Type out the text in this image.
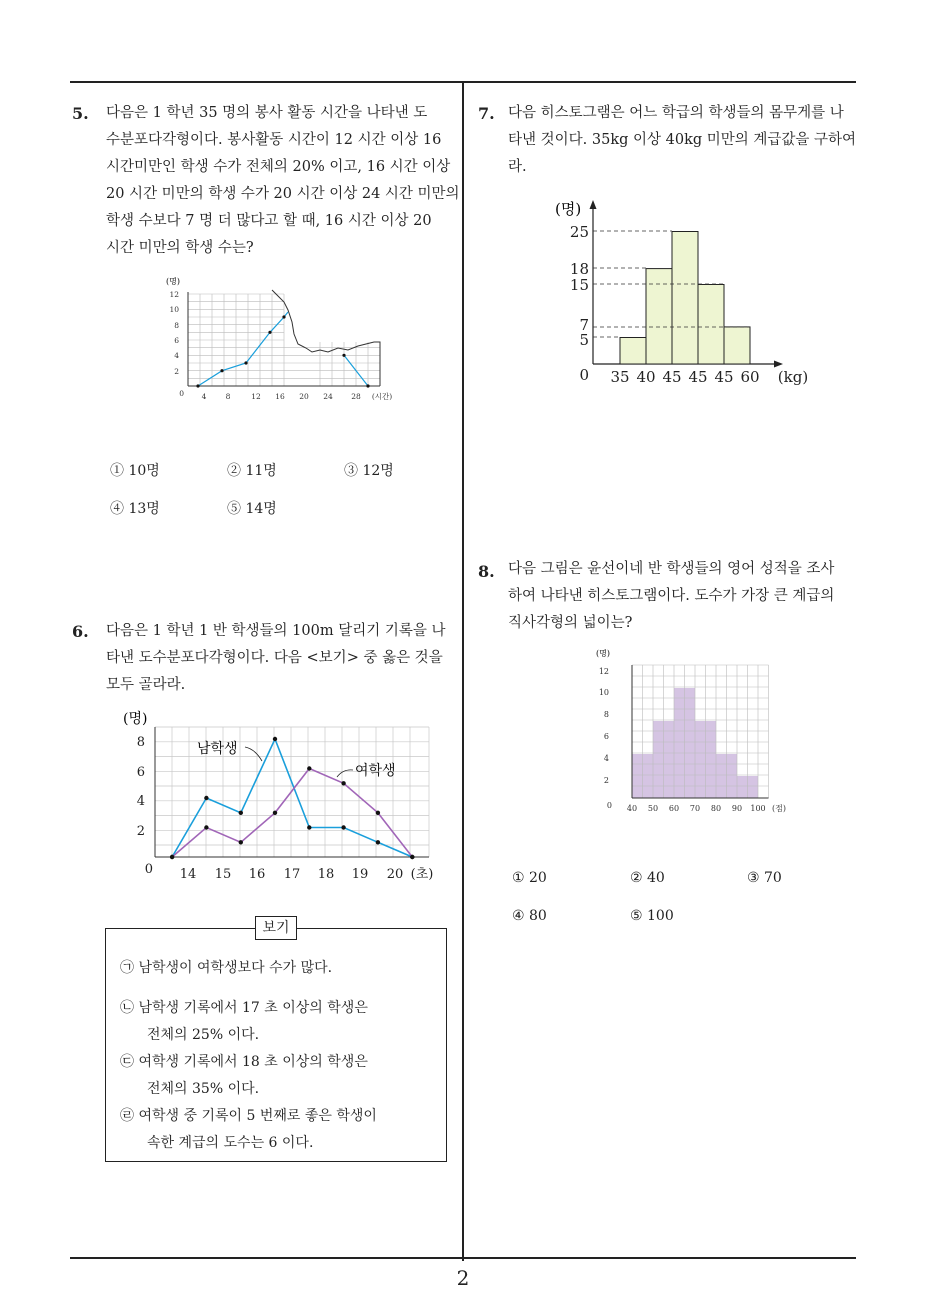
5. 다음은 1 학년 35 명의 봉사 활동 시간을 나타낸 도
수분포다각형이다. 봉사활동 시간이 12 시간 이상 16
시간미만인 학생 수가 전체의 20% 이고, 16 시간 이상
20 시간 미만의 학생 수가 20 시간 이상 24 시간 미만의
학생 수보다 7 명 더 많다고 할 때, 16 시간 이상 20
시간 미만의 학생 수는?
(명)
12
10
8
6
4
2
0 4	8	12 16 20 24 28 (시간)
① 10명	② 11명	③ 12명
④ 13명	⑤ 14명
6. 다음은 1 학년 1 반 학생들의 100m 달리기 기록을 나
타낸 도수분포다각형이다. 다음 <보기> 중 옳은 것을
모두 골라라.
(명)
8
6
4
2
0 14 15 16 17 18 19 20 (초)
남학생
여학생
보기
㉠ 남학생이 여학생보다 수가 많다.
㉡ 남학생 기록에서 17 초 이상의 학생은
전체의 25% 이다.
㉢ 여학생 기록에서 18 초 이상의 학생은
전체의 35% 이다.
㉣ 여학생 중 기록이 5 번째로 좋은 학생이
속한 계급의 도수는 6 이다.
7. 다음 히스토그램은 어느 학급의 학생들의 몸무게를 나
타낸 것이다. 35kg 이상 40kg 미만의 계급값을 구하여
라.
(명)
25
18
15
7
5
0 35 40 45 45 45 60 (kg)
8. 다음 그림은 윤선이네 반 학생들의 영어 성적을 조사
하여 나타낸 히스토그램이다. 도수가 가장 큰 계급의
직사각형의 넓이는?
(명)
12
10
8
6
4
2
0 40 50 60 70 80 90 100 (점)
① 20	② 40	③ 70
④ 80	⑤ 100
2
